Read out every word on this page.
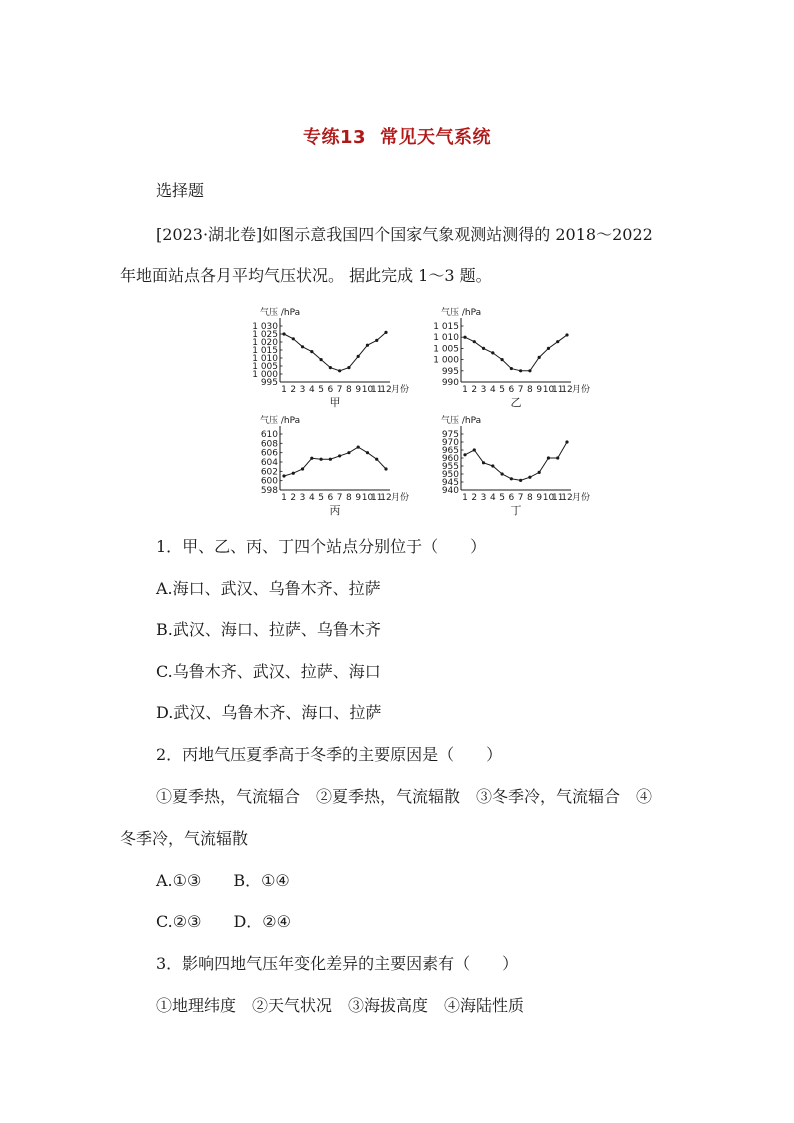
专练13 常见天气系统
选择题
[2023·湖北卷]如图示意我国四个国家气象观测站测得的 2018～2022
年地面站点各月平均气压状况。 据此完成 1～3 题。
气压 /hPa
995
1 000
1 005
1 010
1 015
1 020
1 025
1 030
1 2 3 4 5 6 7 8 9 10
11
12 月份
甲
气压 /hPa
990
995
1 000
1 005
1 010
1 015
1 2 3 4 5 6 7 8 9 10
11
12 月份
乙
气压 /hPa
598
600
602
604
606
608
610
1 2 3 4 5 6 7 8 9 10
11
12 月份
丙
气压 /hPa
940
945
950
955
960
965
970
975
1 2 3 4 5 6 7 8 9 10
11
12 月份
丁
1．甲、乙、丙、丁四个站点分别位于（　　）
A.海口、武汉、乌鲁木齐、拉萨
B.武汉、海口、拉萨、乌鲁木齐
C.乌鲁木齐、武汉、拉萨、海口
D.武汉、乌鲁木齐、海口、拉萨
2．丙地气压夏季高于冬季的主要原因是（　　）
①夏季热，气流辐合　②夏季热，气流辐散　③冬季冷，气流辐合　④
冬季冷，气流辐散
A.①③　　B．①④
C.②③　　D．②④
3．影响四地气压年变化差异的主要因素有（　　）
①地理纬度　②天气状况　③海拔高度　④海陆性质
